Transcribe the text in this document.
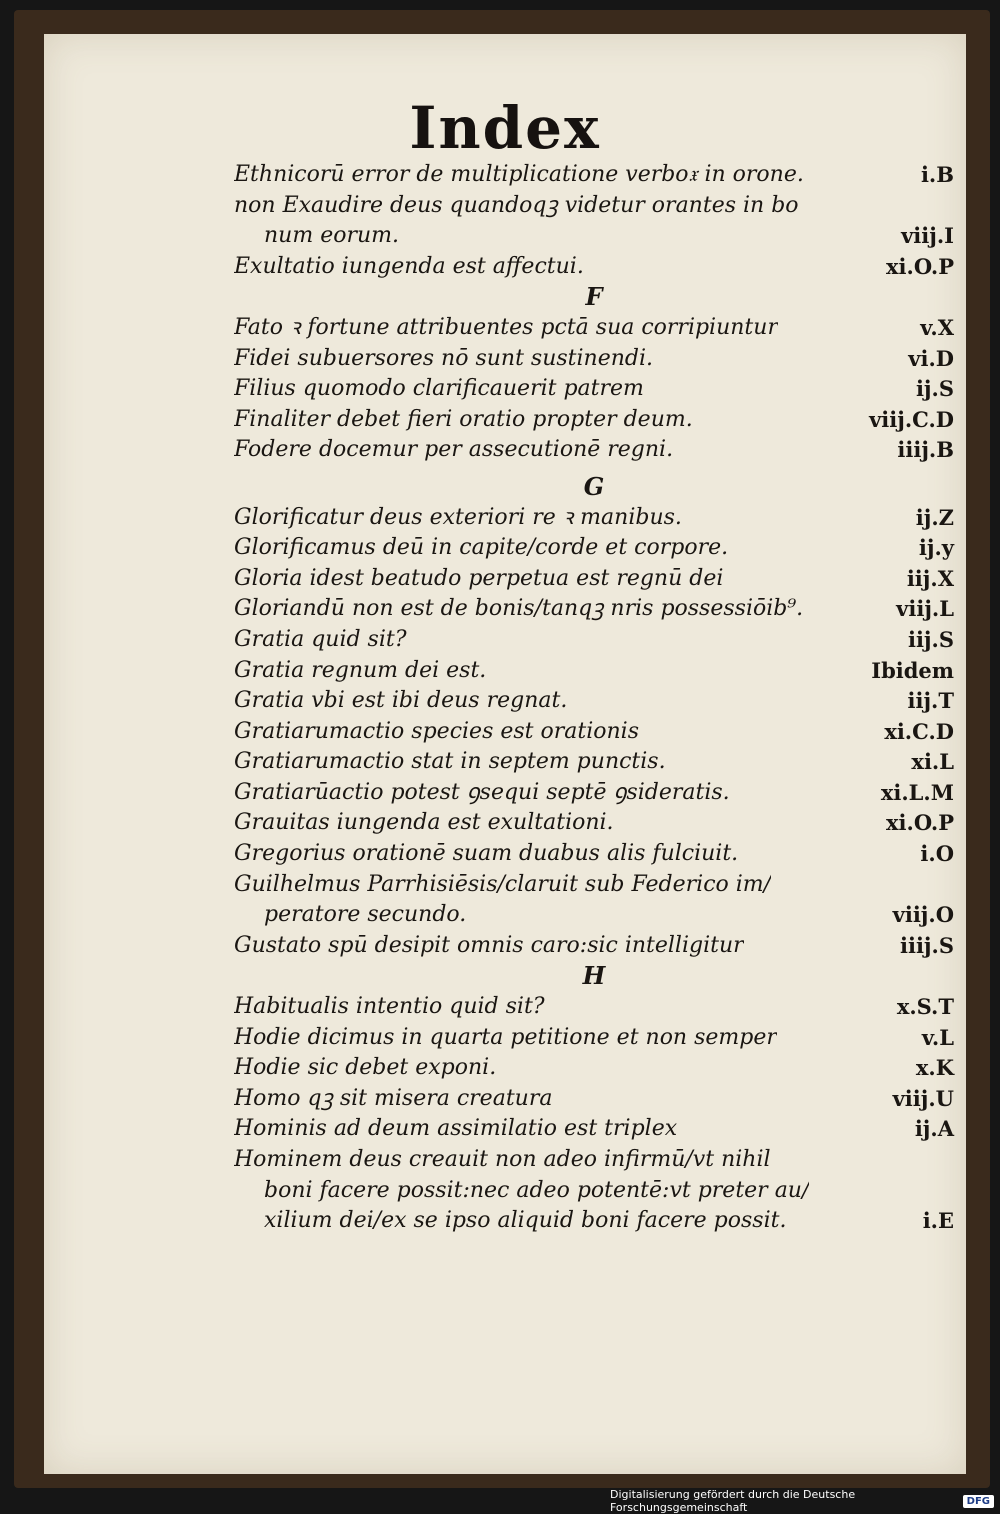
Index
Ethnicorū error de multiplicatione verbo𝔵 in orone.	i.B
non Exaudire deus quandoqꝫ videtur orantes in bo
num eorum.	viij.I
Exultatio iungenda est affectui.	xi.O.P
F
Fato ꝛ fortune attribuentes pctā sua corripiuntur	v.X
Fidei subuersores nō sunt sustinendi.	vi.D
Filius quomodo clarificauerit patrem	ij.S
Finaliter debet fieri oratio propter deum.	viij.C.D
Fodere docemur per assecutionē regni.	iiij.B
G
Glorificatur deus exteriori re ꝛ manibus.	ij.Z
Glorificamus deū in capite/corde et corpore.	ij.y
Gloria idest beatudo perpetua est regnū dei	iij.X
Gloriandū non est de bonis/tanqꝫ nris possessiōib⁹.	viij.L
Gratia quid sit?	iij.S
Gratia regnum dei est.	Ibidem
Gratia vbi est ibi deus regnat.	iij.T
Gratiarumactio species est orationis	xi.C.D
Gratiarumactio stat in septem punctis.	xi.L
Gratiarūactio potest ꝯsequi septē ꝯsideratis.	xi.L.M
Grauitas iungenda est exultationi.	xi.O.P
Gregorius orationē suam duabus alis fulciuit.	i.O
Guilhelmus Parrhisiēsis/claruit sub Federico im/
peratore secundo.	viij.O
Gustato spū desipit omnis caro:sic intelligitur	iiij.S
H
Habitualis intentio quid sit?	x.S.T
Hodie dicimus in quarta petitione et non semper	v.L
Hodie sic debet exponi.	x.K
Homo qꝫ sit misera creatura	viij.U
Hominis ad deum assimilatio est triplex	ij.A
Hominem deus creauit non adeo infirmū/vt nihil
boni facere possit:nec adeo potentē:vt preter au/
xilium dei/ex se ipso aliquid boni facere possit.	i.E
Digitalisierung gefördert durch die Deutsche Forschungsgemeinschaft	DFG
